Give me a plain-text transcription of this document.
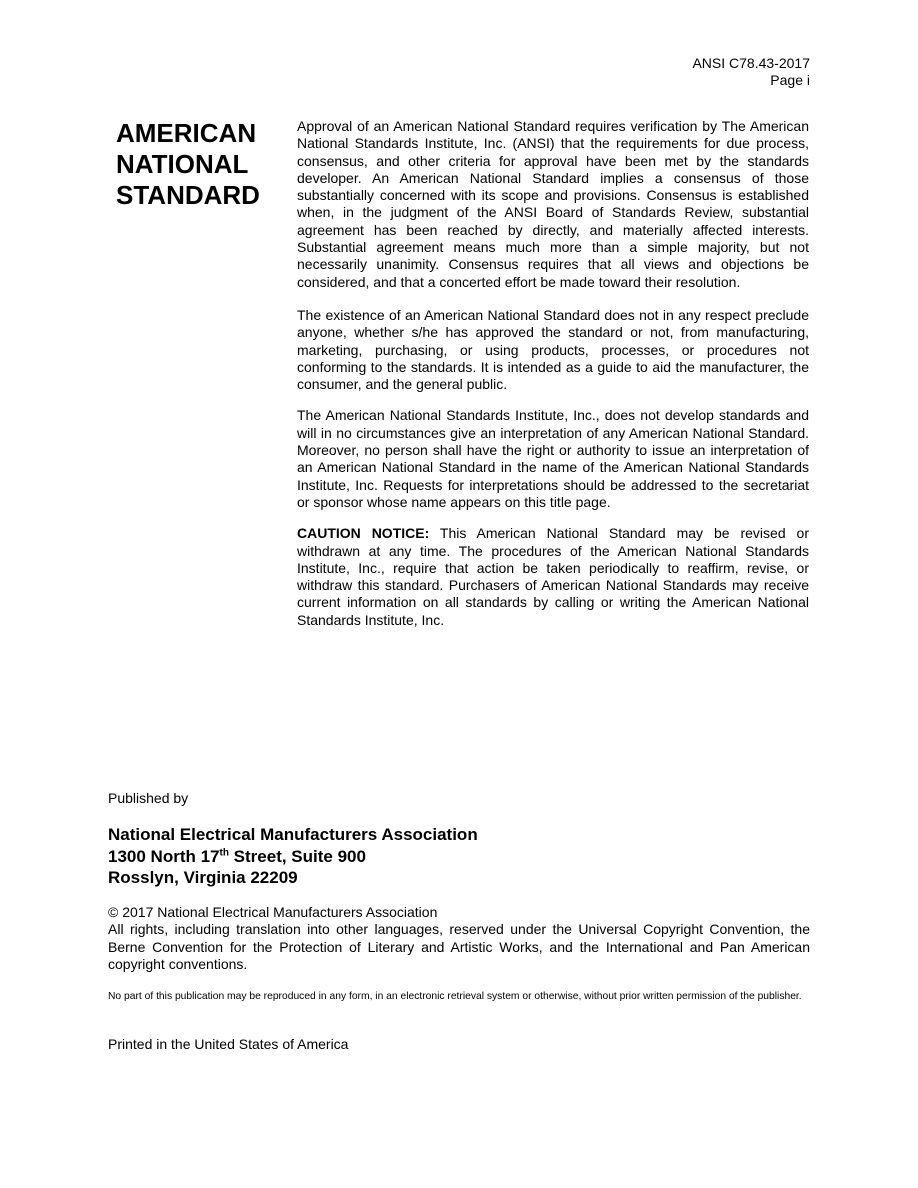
ANSI C78.43-2017
Page i
AMERICAN
NATIONAL
STANDARD

Approval of an American National Standard requires verification by The American National Standards Institute, Inc. (ANSI) that the requirements for due process, consensus, and other criteria for approval have been met by the standards developer. An American National Standard implies a consensus of those substantially concerned with its scope and provisions. Consensus is established when, in the judgment of the ANSI Board of Standards Review, substantial agreement has been reached by directly, and materially affected interests. Substantial agreement means much more than a simple majority, but not necessarily unanimity. Consensus requires that all views and objections be considered, and that a concerted effort be made toward their resolution.

The existence of an American National Standard does not in any respect preclude anyone, whether s/he has approved the standard or not, from manufacturing, marketing, purchasing, or using products, processes, or procedures not conforming to the standards. It is intended as a guide to aid the manufacturer, the consumer, and the general public.

The American National Standards Institute, Inc., does not develop standards and will in no circumstances give an interpretation of any American National Standard. Moreover, no person shall have the right or authority to issue an interpretation of an American National Standard in the name of the American National Standards Institute, Inc. Requests for interpretations should be addressed to the secretariat or sponsor whose name appears on this title page.

CAUTION NOTICE: This American National Standard may be revised or withdrawn at any time. The procedures of the American National Standards Institute, Inc., require that action be taken periodically to reaffirm, revise, or withdraw this standard. Purchasers of American National Standards may receive current information on all standards by calling or writing the American National Standards Institute, Inc.

Published by
National Electrical Manufacturers Association
1300 North 17th Street, Suite 900
Rosslyn, Virginia 22209
© 2017 National Electrical Manufacturers Association
All rights, including translation into other languages, reserved under the Universal Copyright Convention, the Berne Convention for the Protection of Literary and Artistic Works, and the International and Pan American copyright conventions.
No part of this publication may be reproduced in any form, in an electronic retrieval system or otherwise, without prior written permission of the publisher.
Printed in the United States of America
